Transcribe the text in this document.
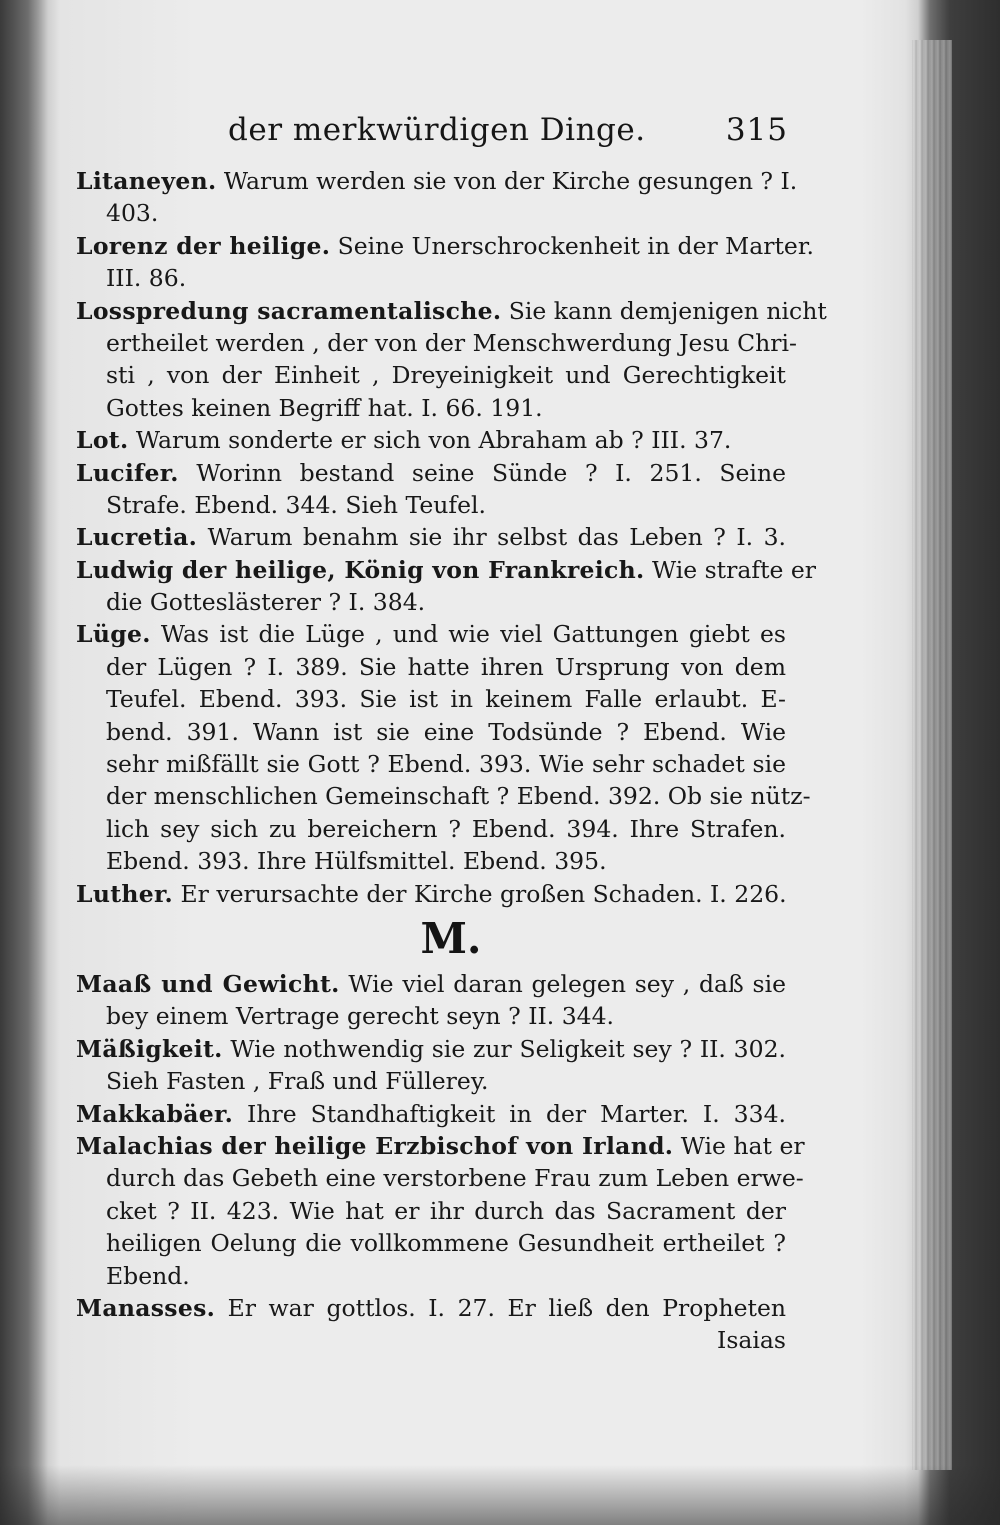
der merkwürdigen Dinge.	315
Litaneyen. Warum werden sie von der Kirche gesungen ? I.
403.
Lorenz der heilige. Seine Unerschrockenheit in der Marter.
III. 86.
Losspredung sacramentalische. Sie kann demjenigen nicht
ertheilet werden , der von der Menschwerdung Jesu Chri-
sti , von der Einheit , Dreyeinigkeit und Gerechtigkeit
Gottes keinen Begriff hat. I. 66. 191.
Lot. Warum sonderte er sich von Abraham ab ? III. 37.
Lucifer. Worinn bestand seine Sünde ? I. 251. Seine
Strafe. Ebend. 344. Sieh Teufel.
Lucretia. Warum benahm sie ihr selbst das Leben ? I. 3.
Ludwig der heilige, König von Frankreich. Wie strafte er
die Gotteslästerer ? I. 384.
Lüge. Was ist die Lüge , und wie viel Gattungen giebt es
der Lügen ? I. 389. Sie hatte ihren Ursprung von dem
Teufel. Ebend. 393. Sie ist in keinem Falle erlaubt. E-
bend. 391. Wann ist sie eine Todsünde ? Ebend. Wie
sehr mißfällt sie Gott ? Ebend. 393. Wie sehr schadet sie
der menschlichen Gemeinschaft ? Ebend. 392. Ob sie nütz-
lich sey sich zu bereichern ? Ebend. 394. Ihre Strafen.
Ebend. 393. Ihre Hülfsmittel. Ebend. 395.
Luther. Er verursachte der Kirche großen Schaden. I. 226.
M.
Maaß und Gewicht. Wie viel daran gelegen sey , daß sie
bey einem Vertrage gerecht seyn ? II. 344.
Mäßigkeit. Wie nothwendig sie zur Seligkeit sey ? II. 302.
Sieh Fasten , Fraß und Füllerey.
Makkabäer. Ihre Standhaftigkeit in der Marter. I. 334.
Malachias der heilige Erzbischof von Irland. Wie hat er
durch das Gebeth eine verstorbene Frau zum Leben erwe-
cket ? II. 423. Wie hat er ihr durch das Sacrament der
heiligen Oelung die vollkommene Gesundheit ertheilet ?
Ebend.
Manasses. Er war gottlos. I. 27. Er ließ den Propheten
Isaias
